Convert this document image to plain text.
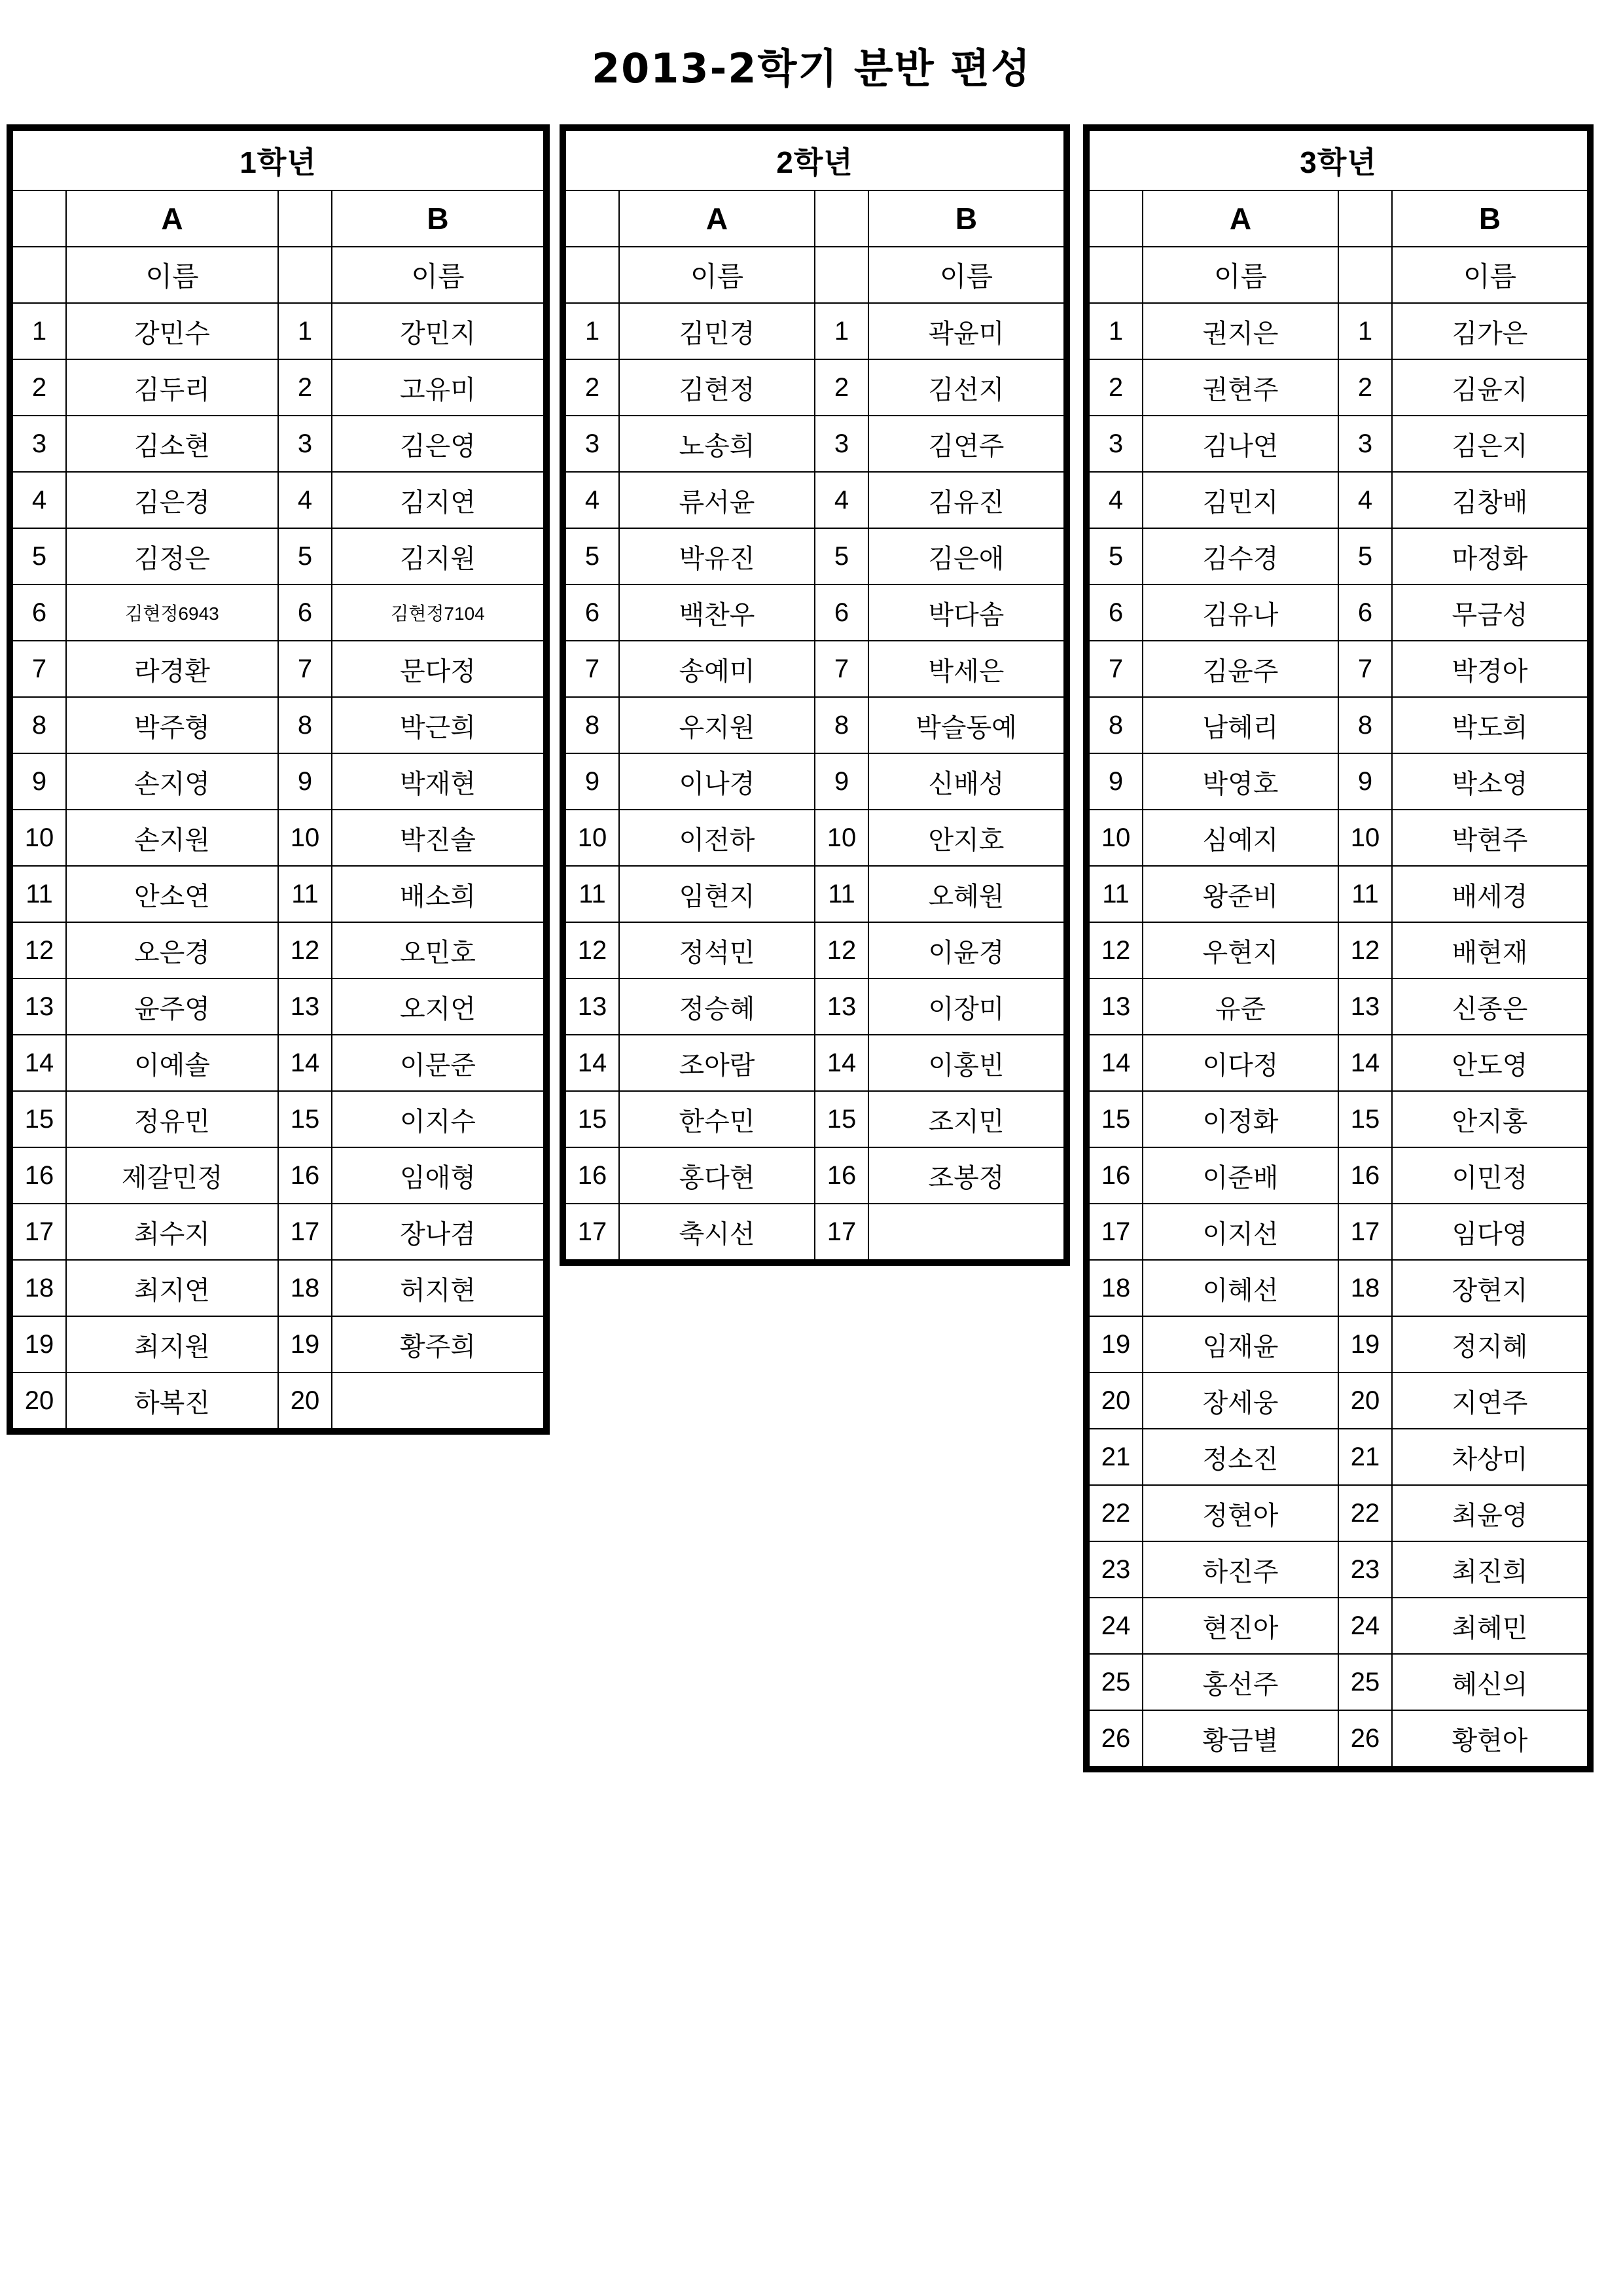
2013-2학기 분반 편성
1학년			
	A		B
	이름		이름
1	강민수	1	강민지
2	김두리	2	고유미
3	김소현	3	김은영
4	김은경	4	김지연
5	김정은	5	김지원
6	김현정6943	6	김현정7104
7	라경환	7	문다정
8	박주형	8	박근희
9	손지영	9	박재현
10	손지원	10	박진솔
11	안소연	11	배소희
12	오은경	12	오민호
13	윤주영	13	오지언
14	이예솔	14	이문준
15	정유민	15	이지수
16	제갈민정	16	임애형
17	최수지	17	장나겸
18	최지연	18	허지현
19	최지원	19	황주희
20	하복진	20	
2학년			
	A		B
	이름		이름
1	김민경	1	곽윤미
2	김현정	2	김선지
3	노송희	3	김연주
4	류서윤	4	김유진
5	박유진	5	김은애
6	백찬우	6	박다솜
7	송예미	7	박세은
8	우지원	8	박슬동예
9	이나경	9	신배성
10	이전하	10	안지호
11	임현지	11	오혜원
12	정석민	12	이윤경
13	정승혜	13	이장미
14	조아람	14	이홍빈
15	한수민	15	조지민
16	홍다현	16	조봉정
17	축시선	17	
3학년			
	A		B
	이름		이름
1	권지은	1	김가은
2	권현주	2	김윤지
3	김나연	3	김은지
4	김민지	4	김창배
5	김수경	5	마정화
6	김유나	6	무금성
7	김윤주	7	박경아
8	남혜리	8	박도희
9	박영호	9	박소영
10	심예지	10	박현주
11	왕준비	11	배세경
12	우현지	12	배현재
13	유준	13	신종은
14	이다정	14	안도영
15	이정화	15	안지홍
16	이준배	16	이민정
17	이지선	17	임다영
18	이혜선	18	장현지
19	임재윤	19	정지혜
20	장세웅	20	지연주
21	정소진	21	차상미
22	정현아	22	최윤영
23	하진주	23	최진희
24	현진아	24	최혜민
25	홍선주	25	혜신의
26	황금별	26	황현아
